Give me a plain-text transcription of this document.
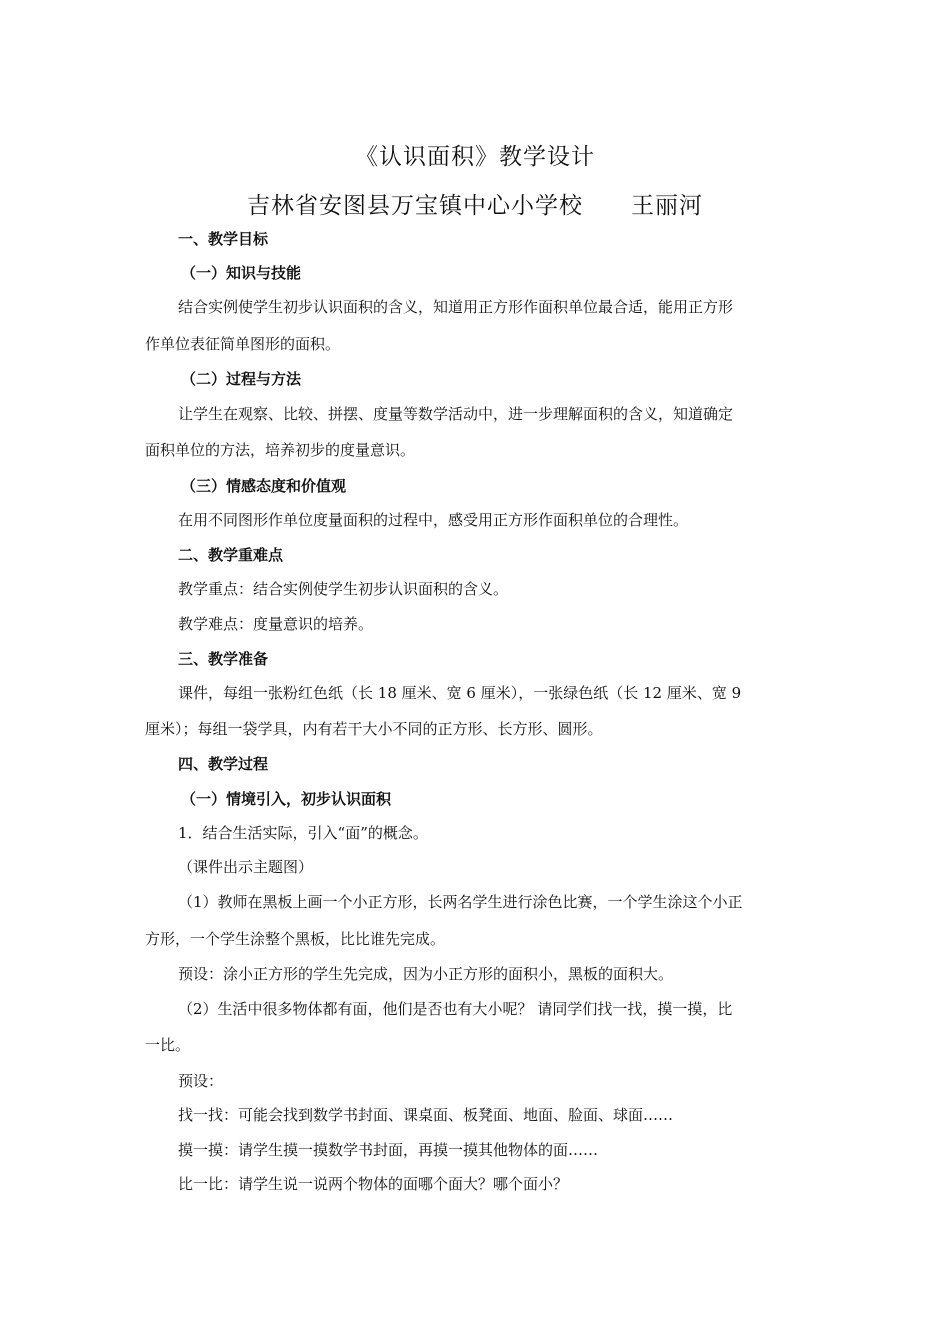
《认识面积》教学设计
吉林省安图县万宝镇中心小学校 王丽河
一、教学目标
（一）知识与技能
结合实例使学生初步认识面积的含义，知道用正方形作面积单位最合适，能用正方形
作单位表征简单图形的面积。
（二）过程与方法
让学生在观察、比较、拼摆、度量等数学活动中，进一步理解面积的含义，知道确定
面积单位的方法，培养初步的度量意识。
（三）情感态度和价值观
在用不同图形作单位度量面积的过程中，感受用正方形作面积单位的合理性。
二、教学重难点
教学重点：结合实例使学生初步认识面积的含义。
教学难点：度量意识的培养。
三、教学准备
课件，每组一张粉红色纸（长 18 厘米、宽 6 厘米），一张绿色纸（长 12 厘米、宽 9
厘米）；每组一袋学具，内有若干大小不同的正方形、长方形、圆形。
四、教学过程
（一）情境引入，初步认识面积
1．结合生活实际，引入“面”的概念。
（课件出示主题图）
（1）教师在黑板上画一个小正方形，长两名学生进行涂色比赛，一个学生涂这个小正
方形，一个学生涂整个黑板，比比谁先完成。
预设：涂小正方形的学生先完成，因为小正方形的面积小，黑板的面积大。
（2）生活中很多物体都有面，他们是否也有大小呢？ 请同学们找一找，摸一摸，比
一比。
预设：
找一找：可能会找到数学书封面、课桌面、板凳面、地面、脸面、球面……
摸一摸：请学生摸一摸数学书封面，再摸一摸其他物体的面……
比一比：请学生说一说两个物体的面哪个面大？哪个面小？
